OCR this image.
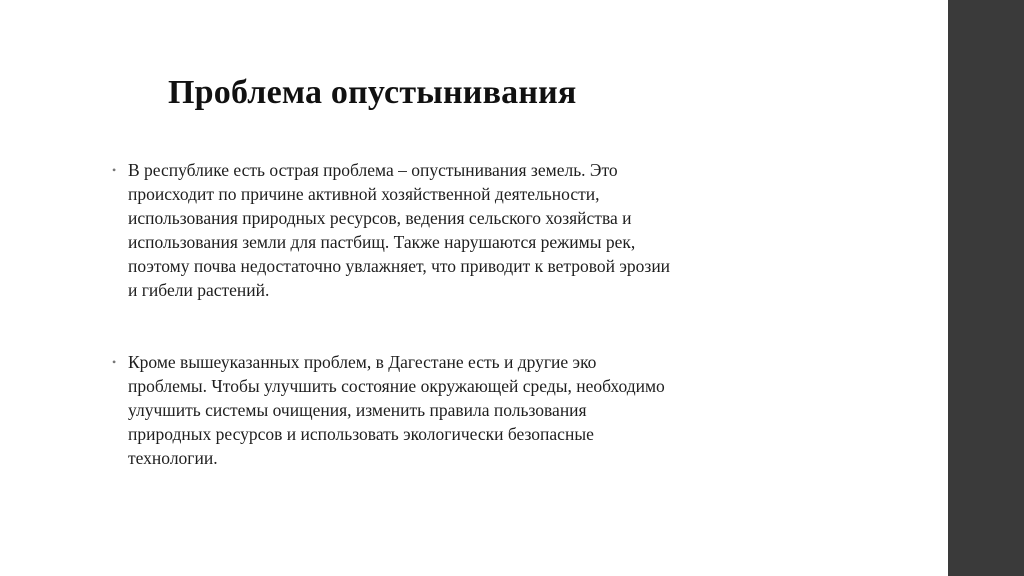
Проблема опустынивания
• В республике есть острая проблема – опустынивания земель. Это
происходит по причине активной хозяйственной деятельности,
использования природных ресурсов, ведения сельского хозяйства и
использования земли для пастбищ. Также нарушаются режимы рек,
поэтому почва недостаточно увлажняет, что приводит к ветровой эрозии
и гибели растений.
• Кроме вышеуказанных проблем, в Дагестане есть и другие эко
проблемы. Чтобы улучшить состояние окружающей среды, необходимо
улучшить системы очищения, изменить правила пользования
природных ресурсов и использовать экологически безопасные
технологии.
